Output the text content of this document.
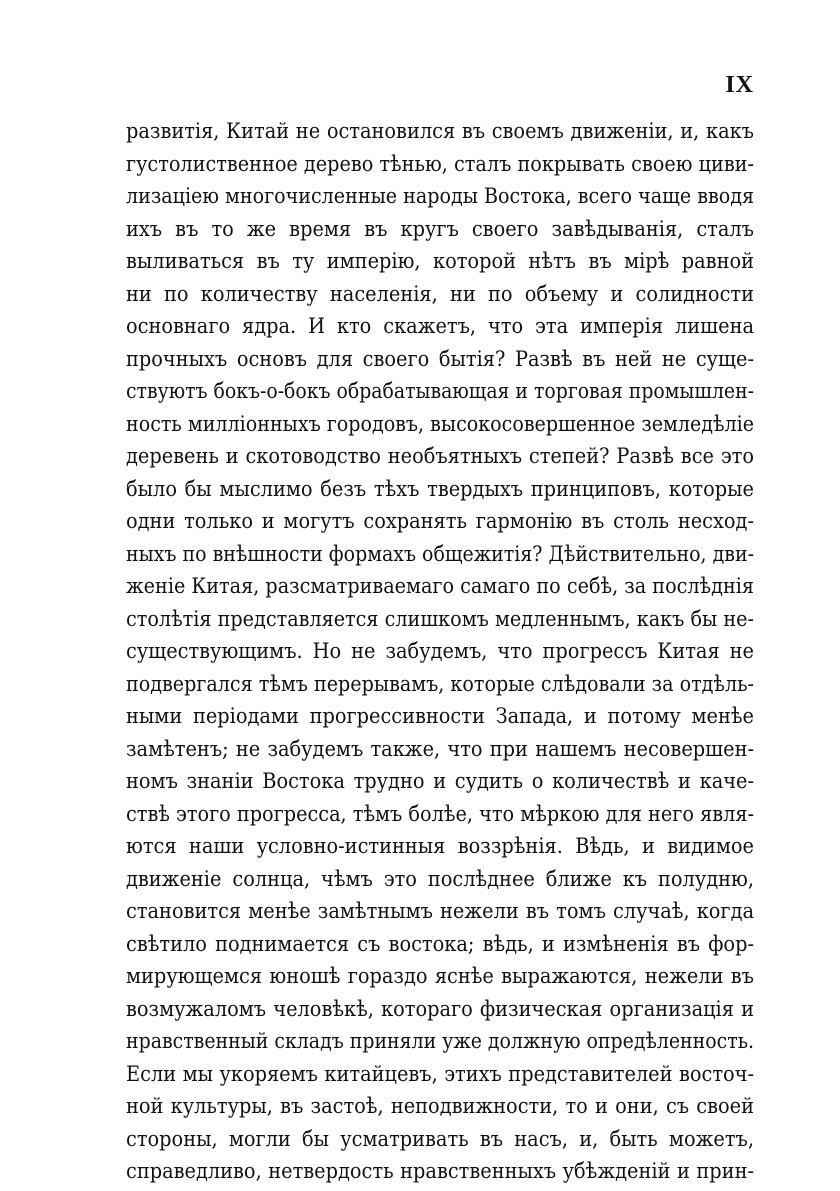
IX
развитія, Китай не остановился въ своемъ движеніи, и, какъ
густолиственное дерево тѣнью, сталъ покрывать своею циви-
лизаціею многочисленные народы Востока, всего чаще вводя
ихъ въ то же время въ кругъ своего завѣдыванія, сталъ
выливаться въ ту имперію, которой нѣтъ въ мірѣ равной
ни по количеству населенія, ни по объему и солидности
основнаго ядра. И кто скажетъ, что эта имперія лишена
прочныхъ основъ для своего бытія? Развѣ въ ней не суще-
ствуютъ бокъ-о-бокъ обрабатывающая и торговая промышлен-
ность милліонныхъ городовъ, высокосовершенное земледѣліе
деревень и скотоводство необъятныхъ степей? Развѣ все это
было бы мыслимо безъ тѣхъ твердыхъ принциповъ, которые
одни только и могутъ сохранять гармонію въ столь несход-
ныхъ по внѣшности формахъ общежитія? Дѣйствительно, дви-
женіе Китая, разсматриваемаго самаго по себѣ, за послѣднія
столѣтія представляется слишкомъ медленнымъ, какъ бы не-
существующимъ. Но не забудемъ, что прогрессъ Китая не
подвергался тѣмъ перерывамъ, которые слѣдовали за отдѣль-
ными періодами прогрессивности Запада, и потому менѣе
замѣтенъ; не забудемъ также, что при нашемъ несовершен-
номъ знаніи Востока трудно и судить о количествѣ и каче-
ствѣ этого прогресса, тѣмъ болѣе, что мѣркою для него явля-
ются наши условно-истинныя воззрѣнія. Вѣдь, и видимое
движеніе солнца, чѣмъ это послѣднее ближе къ полудню,
становится менѣе замѣтнымъ нежели въ томъ случаѣ, когда
свѣтило поднимается съ востока; вѣдь, и измѣненія въ фор-
мирующемся юношѣ гораздо яснѣе выражаются, нежели въ
возмужаломъ человѣкѣ, котораго физическая организація и
нравственный складъ приняли уже должную опредѣленность.
Если мы укоряемъ китайцевъ, этихъ представителей восточ-
ной культуры, въ застоѣ, неподвижности, то и они, съ своей
стороны, могли бы усматривать въ насъ, и, быть можетъ,
справедливо, нетвердость нравственныхъ убѣжденій и прин-
